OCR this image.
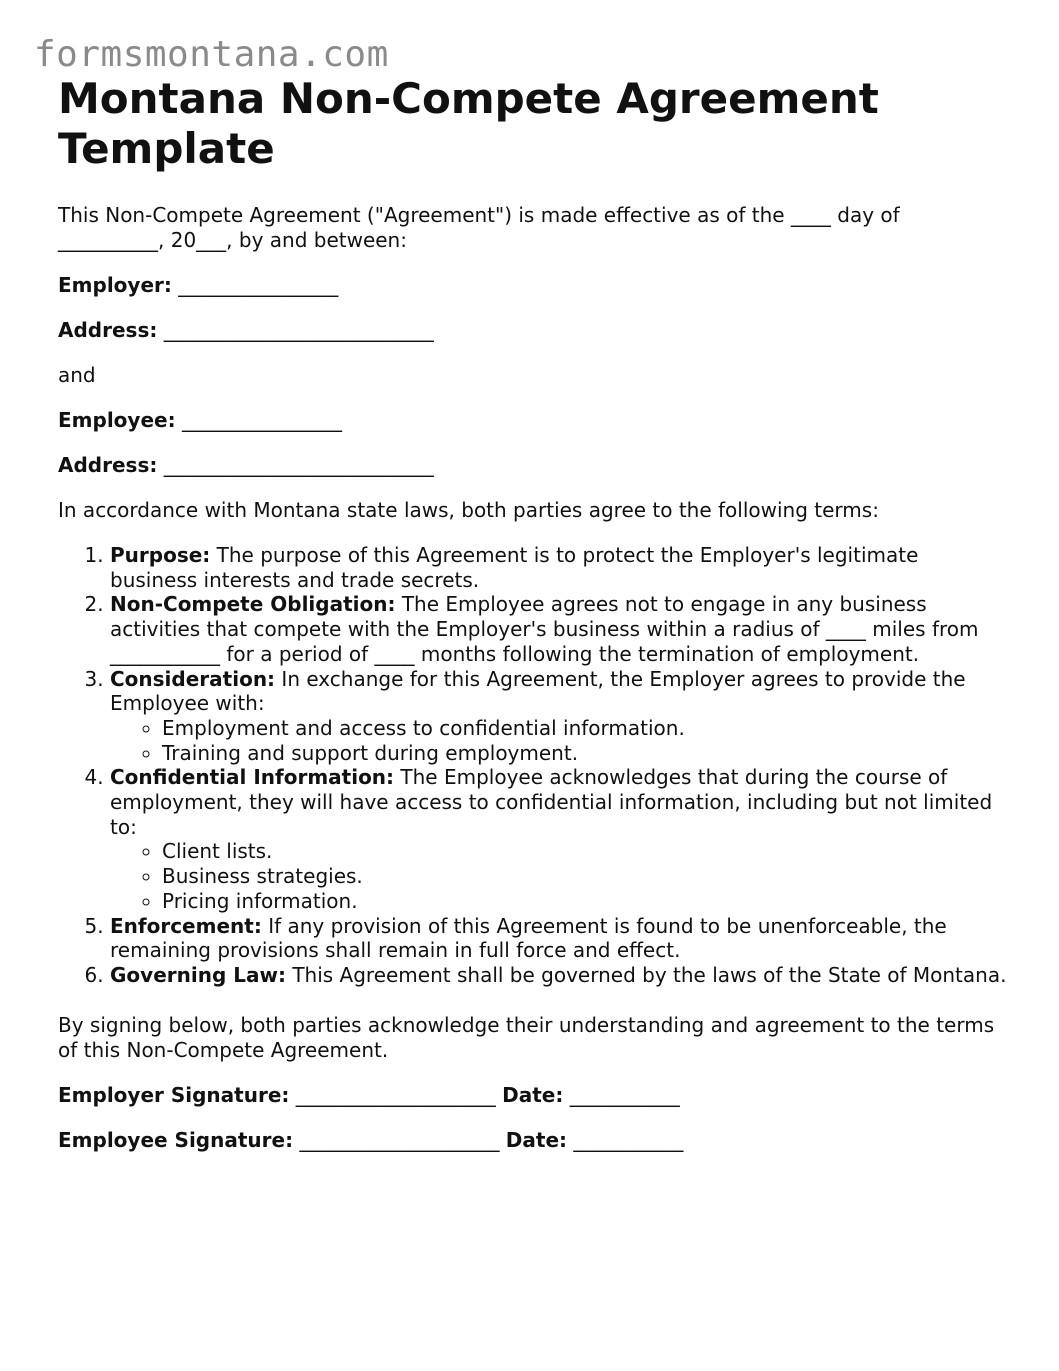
formsmontana.com
Montana Non-Compete Agreement Template

This Non-Compete Agreement ("Agreement") is made effective as of the ____ day of __________, 20___, by and between:

Employer: ________________

Address: ___________________________

and

Employee: ________________

Address: ___________________________

In accordance with Montana state laws, both parties agree to the following terms:

1. Purpose: The purpose of this Agreement is to protect the Employer's legitimate business interests and trade secrets.
2. Non-Compete Obligation: The Employee agrees not to engage in any business activities that compete with the Employer's business within a radius of ____ miles from ___________ for a period of ____ months following the termination of employment.
3. Consideration: In exchange for this Agreement, the Employer agrees to provide the Employee with:
◦ Employment and access to confidential information.
◦ Training and support during employment.
4. Confidential Information: The Employee acknowledges that during the course of employment, they will have access to confidential information, including but not limited to:
◦ Client lists.
◦ Business strategies.
◦ Pricing information.
5. Enforcement: If any provision of this Agreement is found to be unenforceable, the remaining provisions shall remain in full force and effect.
6. Governing Law: This Agreement shall be governed by the laws of the State of Montana.

By signing below, both parties acknowledge their understanding and agreement to the terms of this Non-Compete Agreement.

Employer Signature: ____________________ Date: ___________

Employee Signature: ____________________ Date: ___________
